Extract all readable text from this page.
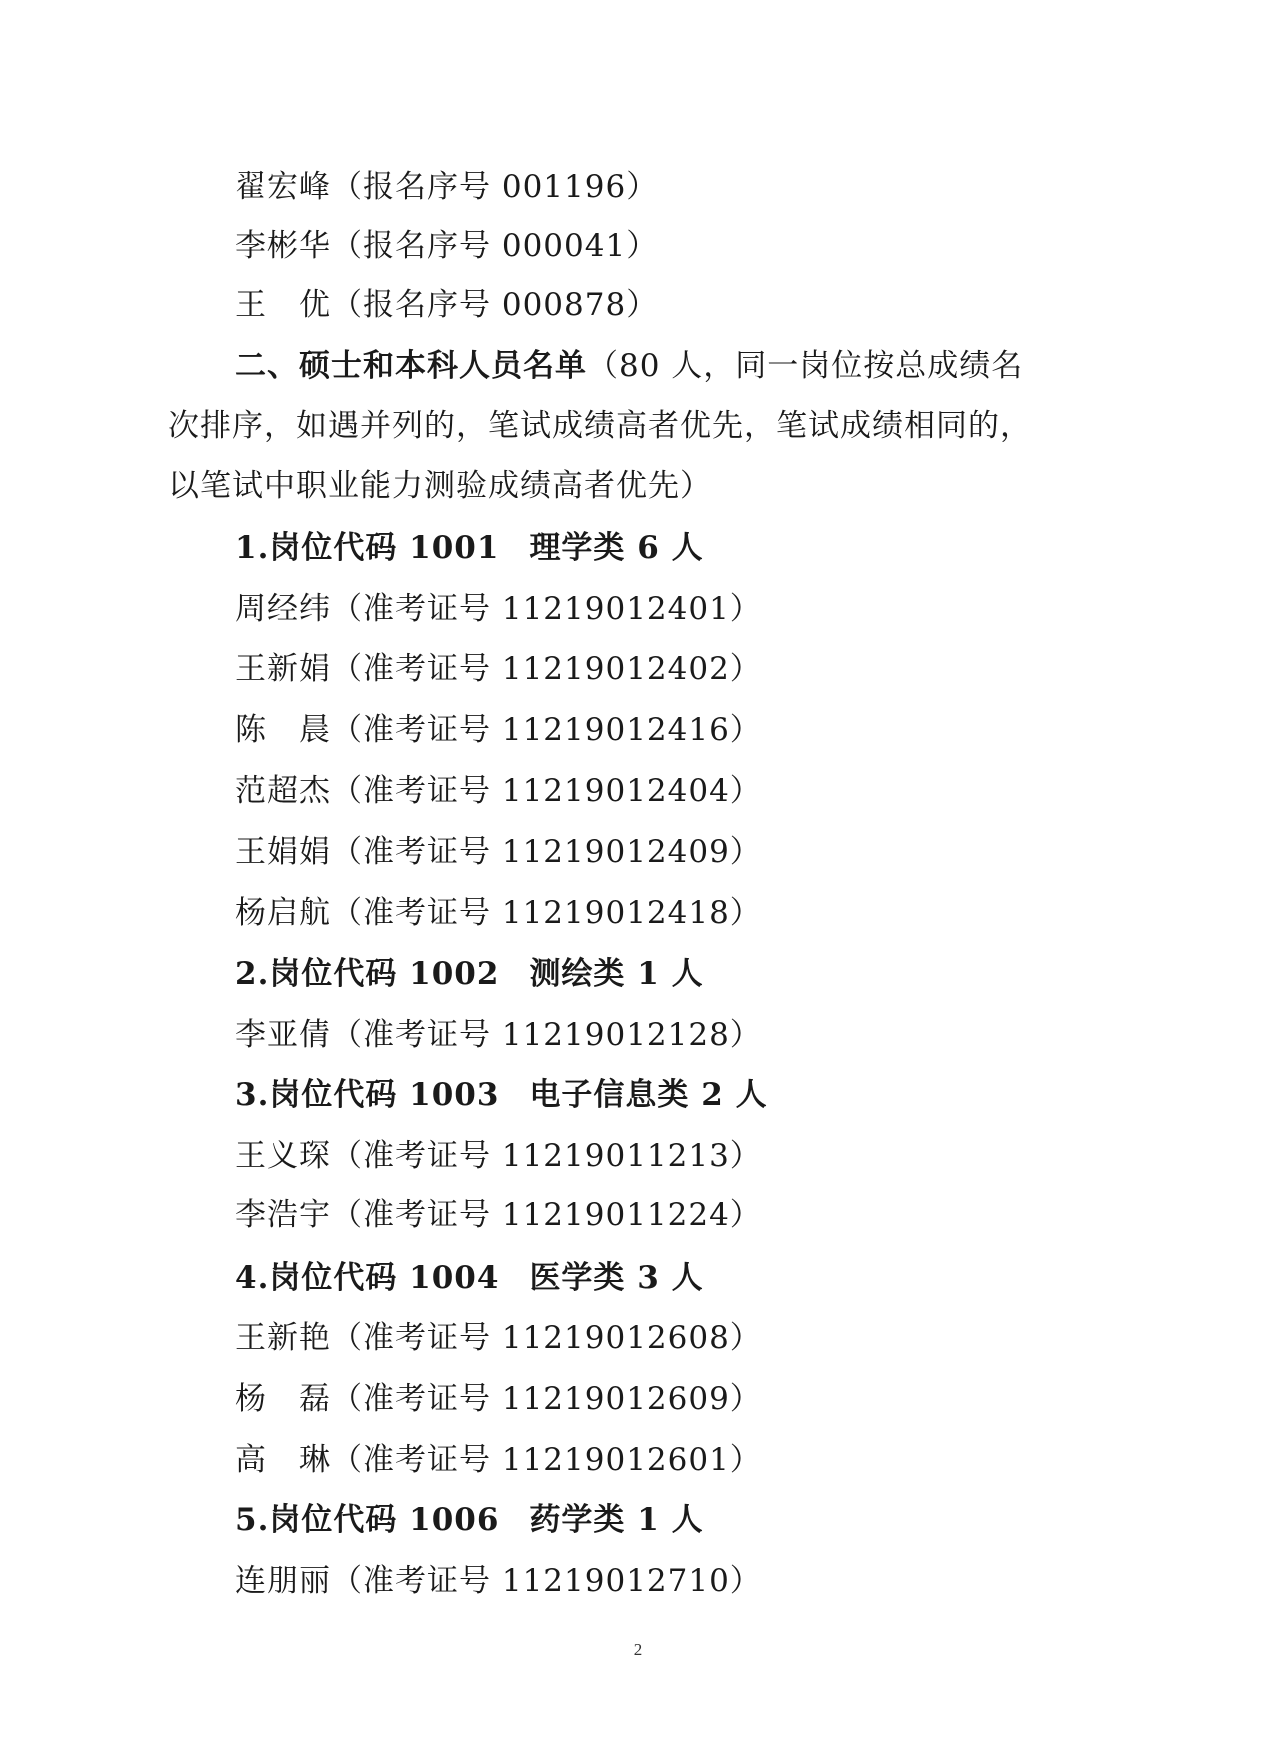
翟宏峰（报名序号 001196）
李彬华（报名序号 000041）
王　优（报名序号 000878）
二、硕士和本科人员名单（80 人，同一岗位按总成绩名
次排序，如遇并列的，笔试成绩高者优先，笔试成绩相同的，
以笔试中职业能力测验成绩高者优先）
1.岗位代码 1001 理学类 6 人
周经纬（准考证号 11219012401）
王新娟（准考证号 11219012402）
陈　晨（准考证号 11219012416）
范超杰（准考证号 11219012404）
王娟娟（准考证号 11219012409）
杨启航（准考证号 11219012418）
2.岗位代码 1002 测绘类 1 人
李亚倩（准考证号 11219012128）
3.岗位代码 1003 电子信息类 2 人
王义琛（准考证号 11219011213）
李浩宇（准考证号 11219011224）
4.岗位代码 1004 医学类 3 人
王新艳（准考证号 11219012608）
杨　磊（准考证号 11219012609）
高　琳（准考证号 11219012601）
5.岗位代码 1006 药学类 1 人
连朋丽（准考证号 11219012710）
2
